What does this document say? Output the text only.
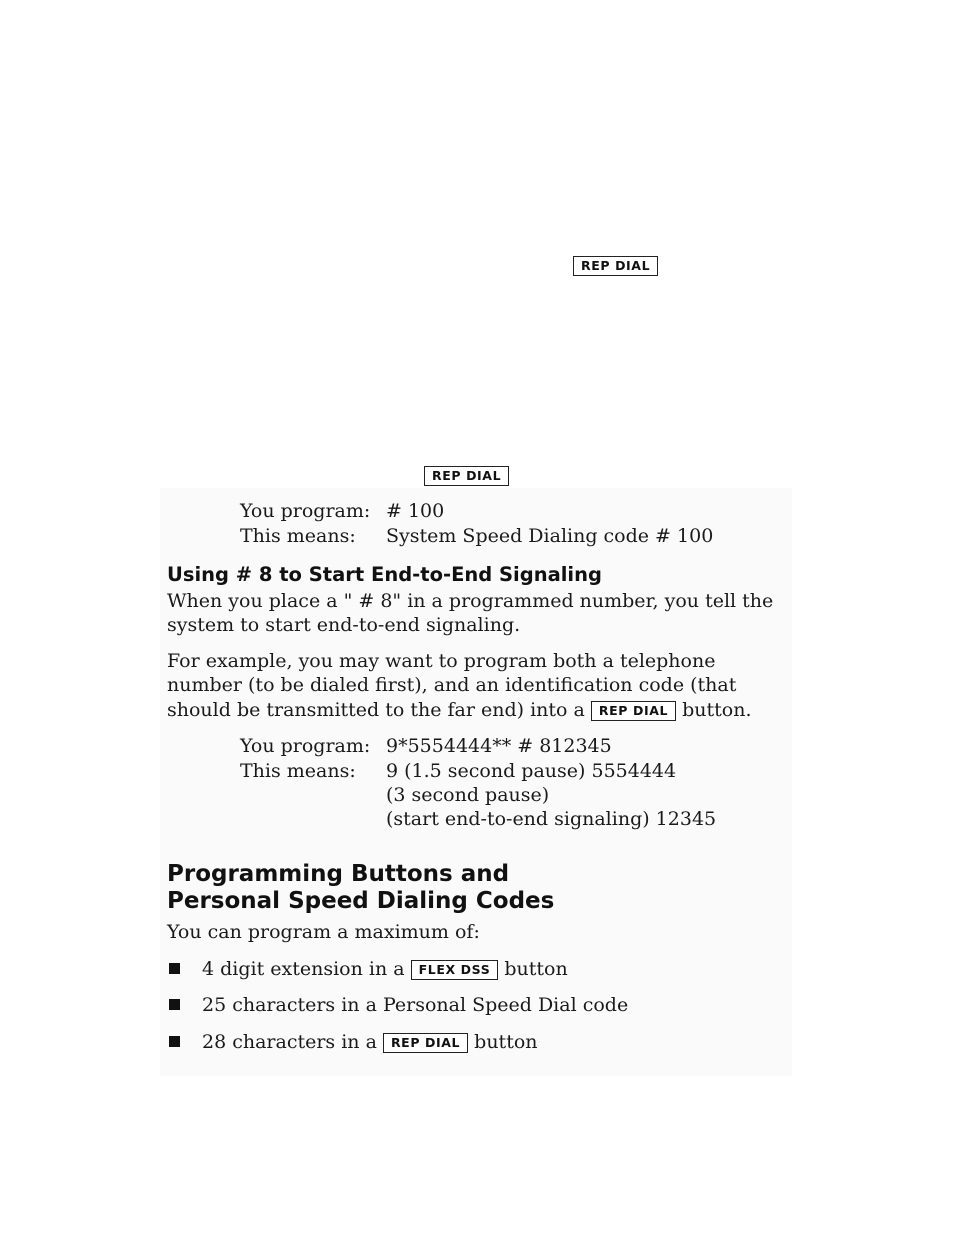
REP DIAL
REP DIAL
You program: # 100
This means: System Speed Dialing code # 100
Using # 8 to Start End-to-End Signaling
When you place a " # 8" in a programmed number, you tell the
system to start end-to-end signaling.
For example, you may want to program both a telephone
number (to be dialed first), and an identification code (that
should be transmitted to the far end) into a REP DIAL button.
You program: 9*5554444** # 812345
This means: 9 (1.5 second pause) 5554444
(3 second pause)
(start end-to-end signaling) 12345
Programming Buttons and
Personal Speed Dialing Codes
You can program a maximum of:
4 digit extension in a FLEX DSS button
25 characters in a Personal Speed Dial code
28 characters in a REP DIAL button
